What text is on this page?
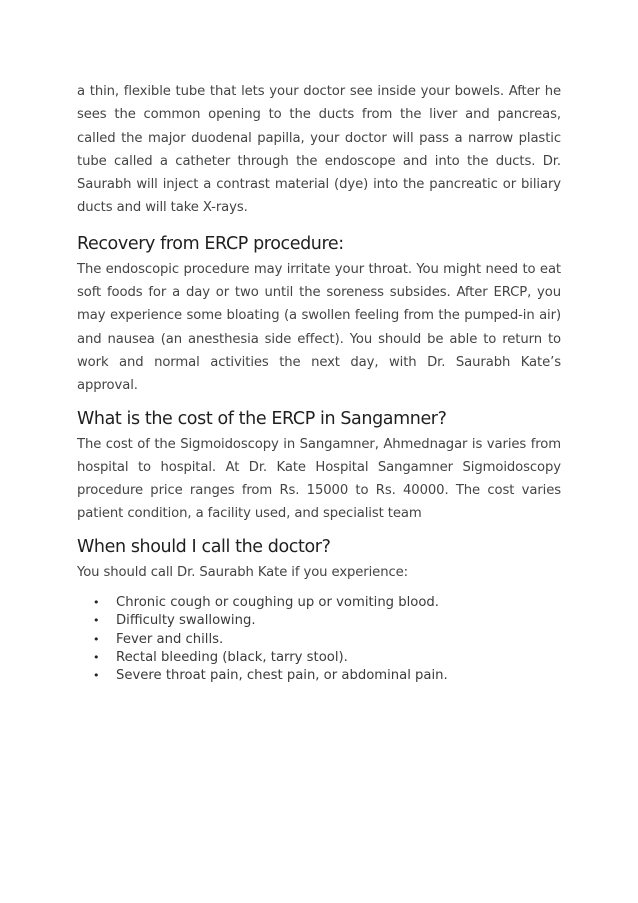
a thin, flexible tube that lets your doctor see inside your bowels. After he sees the common opening to the ducts from the liver and pancreas, called the major duodenal papilla, your doctor will pass a narrow plastic tube called a catheter through the endoscope and into the ducts. Dr. Saurabh will inject a contrast material (dye) into the pancreatic or biliary ducts and will take X-rays.

Recovery from ERCP procedure:

The endoscopic procedure may irritate your throat. You might need to eat soft foods for a day or two until the soreness subsides. After ERCP, you may experience some bloating (a swollen feeling from the pumped-in air) and nausea (an anesthesia side effect). You should be able to return to work and normal activities the next day, with Dr. Saurabh Kate’s approval.

What is the cost of the ERCP in Sangamner?

The cost of the Sigmoidoscopy in Sangamner, Ahmednagar is varies from hospital to hospital. At Dr. Kate Hospital Sangamner Sigmoidoscopy procedure price ranges from Rs. 15000 to Rs. 40000. The cost varies patient condition, a facility used, and specialist team

When should I call the doctor?

You should call Dr. Saurabh Kate if you experience:

• Chronic cough or coughing up or vomiting blood.
• Difficulty swallowing.
• Fever and chills.
• Rectal bleeding (black, tarry stool).
• Severe throat pain, chest pain, or abdominal pain.
